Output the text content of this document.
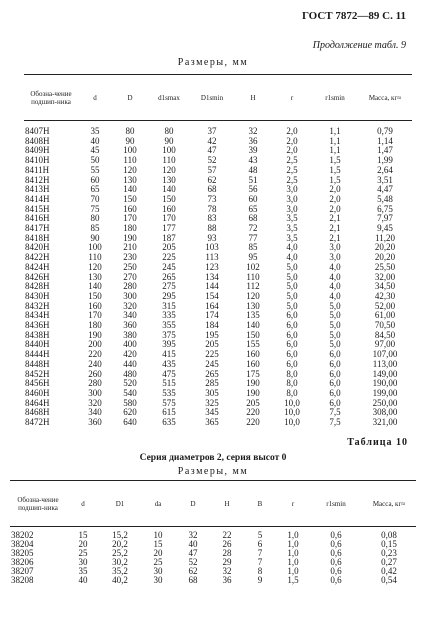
ГОСТ 7872—89 С. 11
Продолжение табл. 9
Размеры, мм
Обозна-чение подшип-ника	d	D	d1smax	D1smin	H	r	r1smin	Масса, кг≈
8407Н	35	80	80	37	32	2,0	1,1	0,79
8408Н	40	90	90	42	36	2,0	1,1	1,14
8409Н	45	100	100	47	39	2,0	1,1	1,47
8410Н	50	110	110	52	43	2,5	1,5	1,99
8411Н	55	120	120	57	48	2,5	1,5	2,64
8412Н	60	130	130	62	51	2,5	1,5	3,51
8413Н	65	140	140	68	56	3,0	2,0	4,47
8414Н	70	150	150	73	60	3,0	2,0	5,48
8415Н	75	160	160	78	65	3,0	2,0	6,75
8416Н	80	170	170	83	68	3,5	2,1	7,97
8417Н	85	180	177	88	72	3,5	2,1	9,45
8418Н	90	190	187	93	77	3,5	2,1	11,20
8420Н	100	210	205	103	85	4,0	3,0	20,20
8422Н	110	230	225	113	95	4,0	3,0	20,20
8424Н	120	250	245	123	102	5,0	4,0	25,50
8426Н	130	270	265	134	110	5,0	4,0	32,00
8428Н	140	280	275	144	112	5,0	4,0	34,50
8430Н	150	300	295	154	120	5,0	4,0	42,30
8432Н	160	320	315	164	130	5,0	5,0	52,00
8434Н	170	340	335	174	135	6,0	5,0	61,00
8436Н	180	360	355	184	140	6,0	5,0	70,50
8438Н	190	380	375	195	150	6,0	5,0	84,50
8440Н	200	400	395	205	155	6,0	5,0	97,00
8444Н	220	420	415	225	160	6,0	6,0	107,00
8448Н	240	440	435	245	160	6,0	6,0	113,00
8452Н	260	480	475	265	175	8,0	6,0	149,00
8456Н	280	520	515	285	190	8,0	6,0	190,00
8460Н	300	540	535	305	190	8,0	6,0	199,00
8464Н	320	580	575	325	205	10,0	6,0	250,00
8468Н	340	620	615	345	220	10,0	7,5	308,00
8472Н	360	640	635	365	220	10,0	7,5	321,00
Таблица 10
Серия диаметров 2, серия высот 0
Размеры, мм
Обозна-чение подшип-ника	d	D1	da	D	H	B	r	r1smin	Масса, кг≈
38202	15	15,2	10	32	22	5	1,0	0,6	0,08
38204	20	20,2	15	40	26	6	1,0	0,6	0,15
38205	25	25,2	20	47	28	7	1,0	0,6	0,23
38206	30	30,2	25	52	29	7	1,0	0,6	0,27
38207	35	35,2	30	62	32	8	1,0	0,6	0,42
38208	40	40,2	30	68	36	9	1,5	0,6	0,54
